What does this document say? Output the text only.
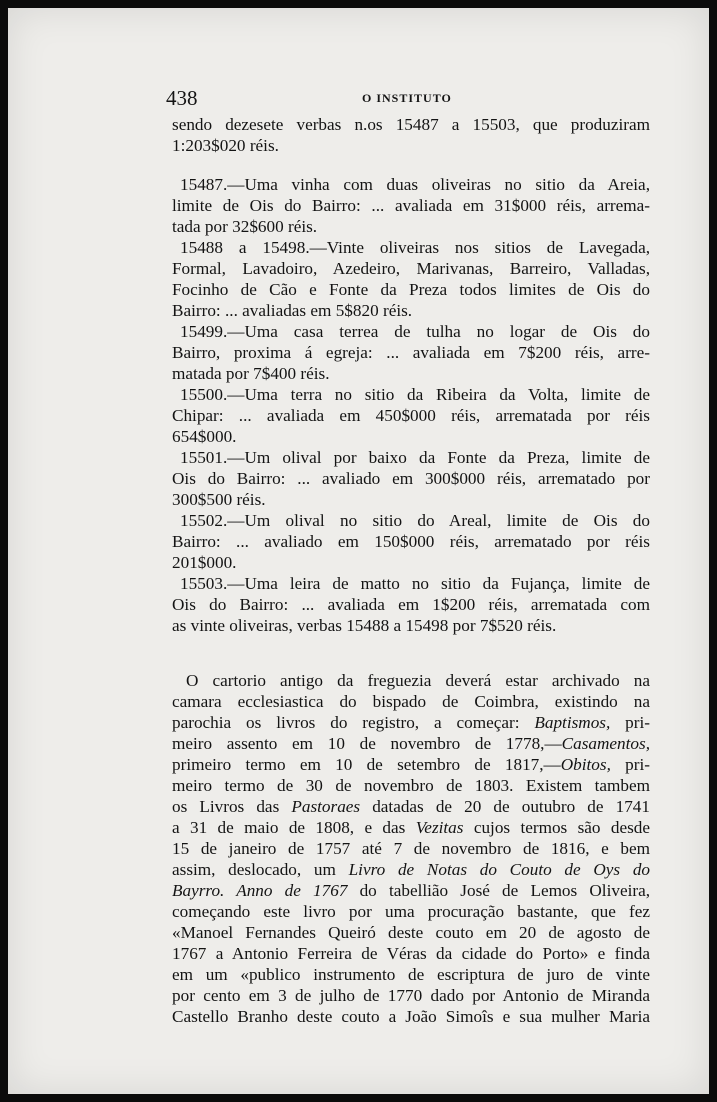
438	O INSTITUTO
sendo dezesete verbas n.os 15487 a 15503, que produziram
1:203$020 réis.
15487.—Uma vinha com duas oliveiras no sitio da Areia,
limite de Ois do Bairro: ... avaliada em 31$000 réis, arrema-
tada por 32$600 réis.
15488 a 15498.—Vinte oliveiras nos sitios de Lavegada,
Formal, Lavadoiro, Azedeiro, Marivanas, Barreiro, Valladas,
Focinho de Cão e Fonte da Preza todos limites de Ois do
Bairro: ... avaliadas em 5$820 réis.
15499.—Uma casa terrea de tulha no logar de Ois do
Bairro, proxima á egreja: ... avaliada em 7$200 réis, arre-
matada por 7$400 réis.
15500.—Uma terra no sitio da Ribeira da Volta, limite de
Chipar: ... avaliada em 450$000 réis, arrematada por réis
654$000.
15501.—Um olival por baixo da Fonte da Preza, limite de
Ois do Bairro: ... avaliado em 300$000 réis, arrematado por
300$500 réis.
15502.—Um olival no sitio do Areal, limite de Ois do
Bairro: ... avaliado em 150$000 réis, arrematado por réis
201$000.
15503.—Uma leira de matto no sitio da Fujança, limite de
Ois do Bairro: ... avaliada em 1$200 réis, arrematada com
as vinte oliveiras, verbas 15488 a 15498 por 7$520 réis.
O cartorio antigo da freguezia deverá estar archivado na
camara ecclesiastica do bispado de Coimbra, existindo na
parochia os livros do registro, a começar: Baptismos, pri-
meiro assento em 10 de novembro de 1778,—Casamentos,
primeiro termo em 10 de setembro de 1817,—Obitos, pri-
meiro termo de 30 de novembro de 1803. Existem tambem
os Livros das Pastoraes datadas de 20 de outubro de 1741
a 31 de maio de 1808, e das Vezitas cujos termos são desde
15 de janeiro de 1757 até 7 de novembro de 1816, e bem
assim, deslocado, um Livro de Notas do Couto de Oys do
Bayrro. Anno de 1767 do tabellião José de Lemos Oliveira,
começando este livro por uma procuração bastante, que fez
«Manoel Fernandes Queiró deste couto em 20 de agosto de
1767 a Antonio Ferreira de Véras da cidade do Porto» e finda
em um «publico instrumento de escriptura de juro de vinte
por cento em 3 de julho de 1770 dado por Antonio de Miranda
Castello Branho deste couto a João Simoîs e sua mulher Maria
